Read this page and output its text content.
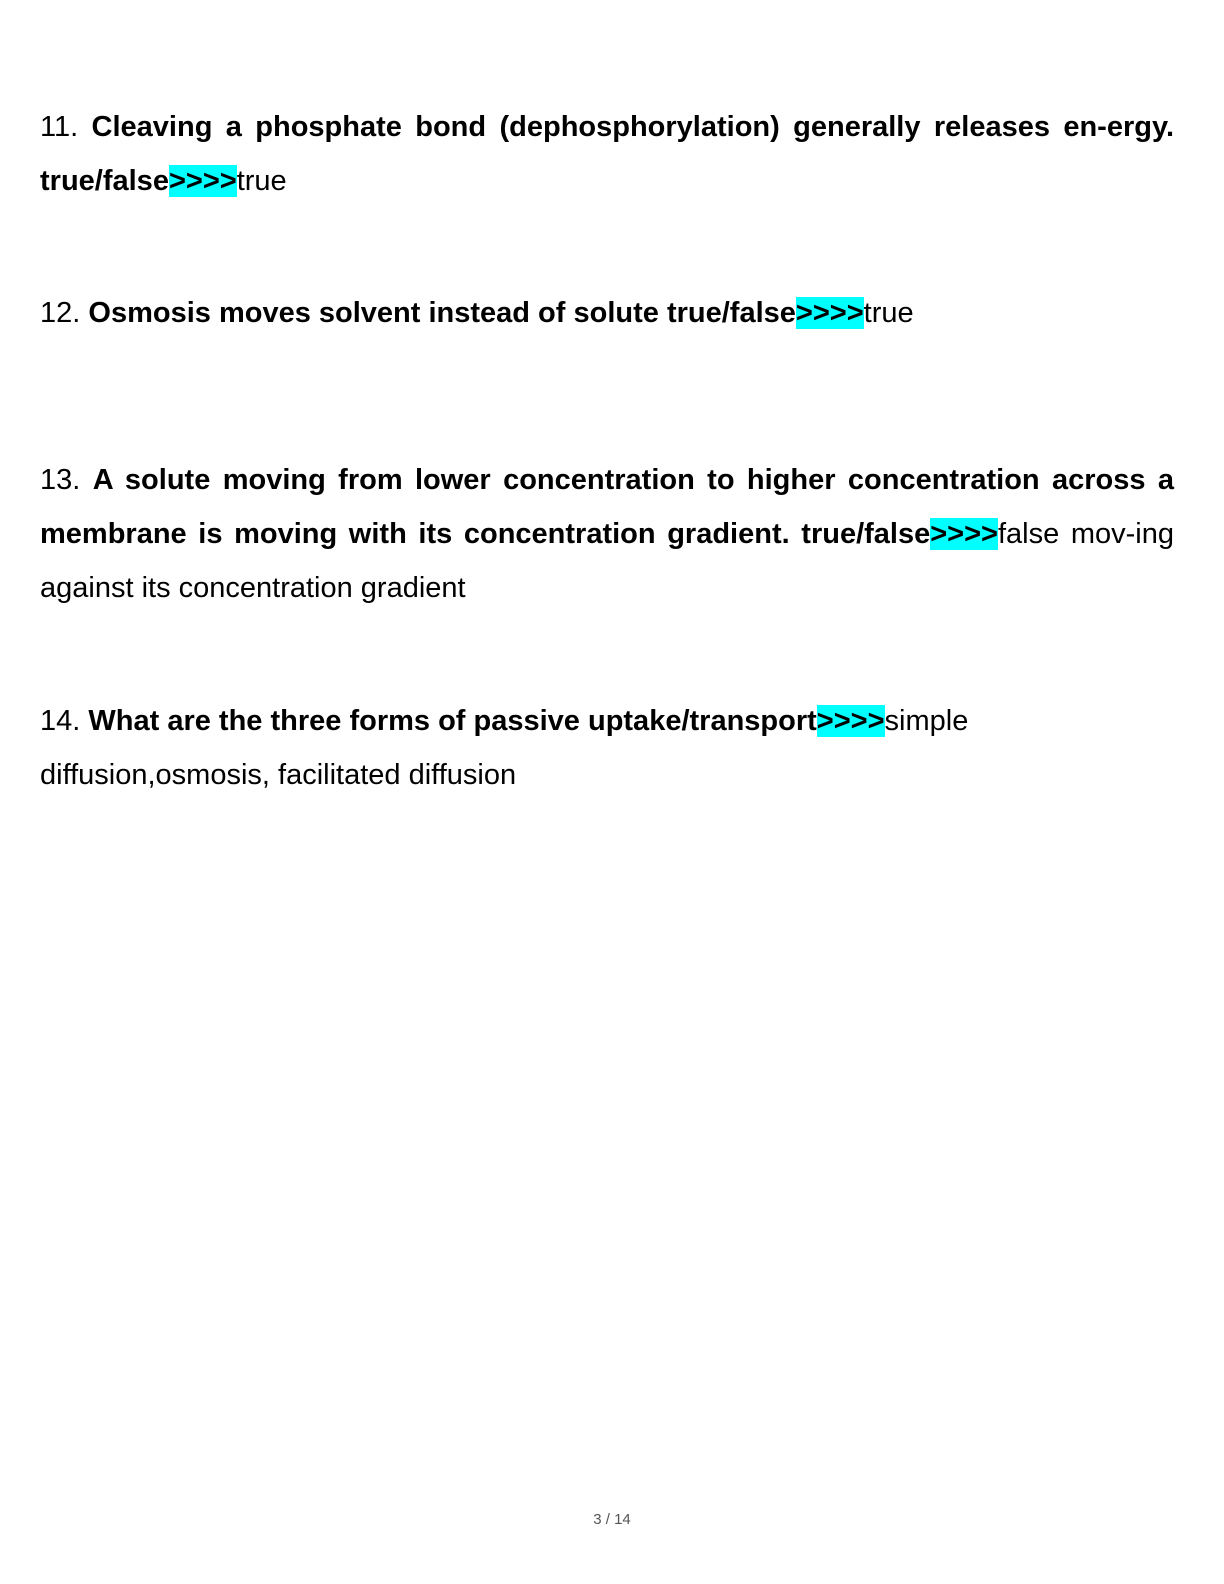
11. Cleaving a phosphate bond (dephosphorylation) generally releases en-ergy. true/false>>>>true

12. Osmosis moves solvent instead of solute true/false>>>>true

13. A solute moving from lower concentration to higher concentration across a membrane is moving with its concentration gradient. true/false>>>>false mov-ing against its concentration gradient

14. What are the three forms of passive uptake/transport>>>>simple diffusion,osmosis, facilitated diffusion

3 / 14
